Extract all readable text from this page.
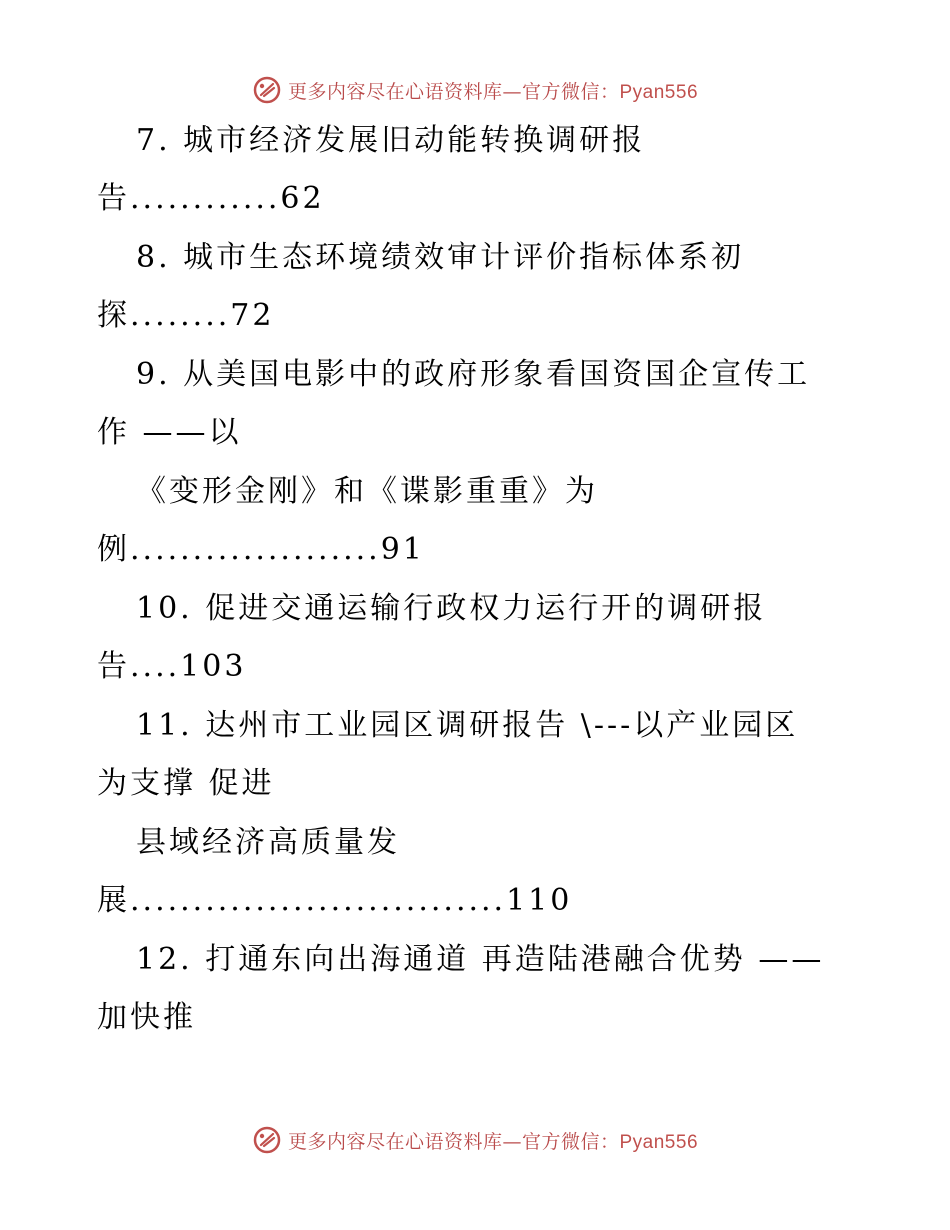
更多内容尽在心语资料库—官方微信：Pyan556
7. 城市经济发展旧动能转换调研报
告............62
8. 城市生态环境绩效审计评价指标体系初
探........72
9. 从美国电影中的政府形象看国资国企宣传工
作 ——以
《变形金刚》和《谍影重重》为
例....................91
10. 促进交通运输行政权力运行开的调研报
告....103
11. 达州市工业园区调研报告 \---以产业园区
为支撑 促进
县域经济高质量发
展..............................110
12. 打通东向出海通道 再造陆港融合优势 ——
加快推
更多内容尽在心语资料库—官方微信：Pyan556
